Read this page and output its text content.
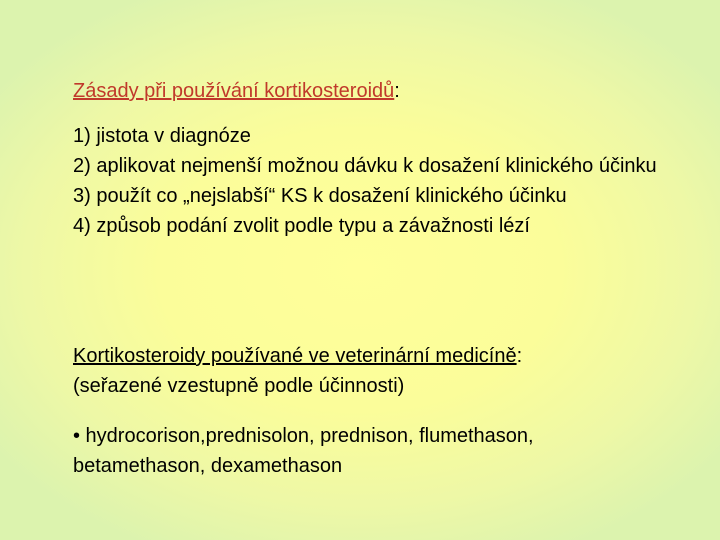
Zásady při používání kortikosteroidů:
1) jistota v diagnóze
2) aplikovat nejmenší možnou dávku k dosažení klinického účinku
3) použít co „nejslabší“ KS k dosažení klinického účinku
4) způsob podání zvolit podle typu a závažnosti lézí
Kortikosteroidy používané ve veterinární medicíně:
(seřazené vzestupně podle účinnosti)
• hydrocorison,prednisolon, prednison, flumethason, betamethason, dexamethason
